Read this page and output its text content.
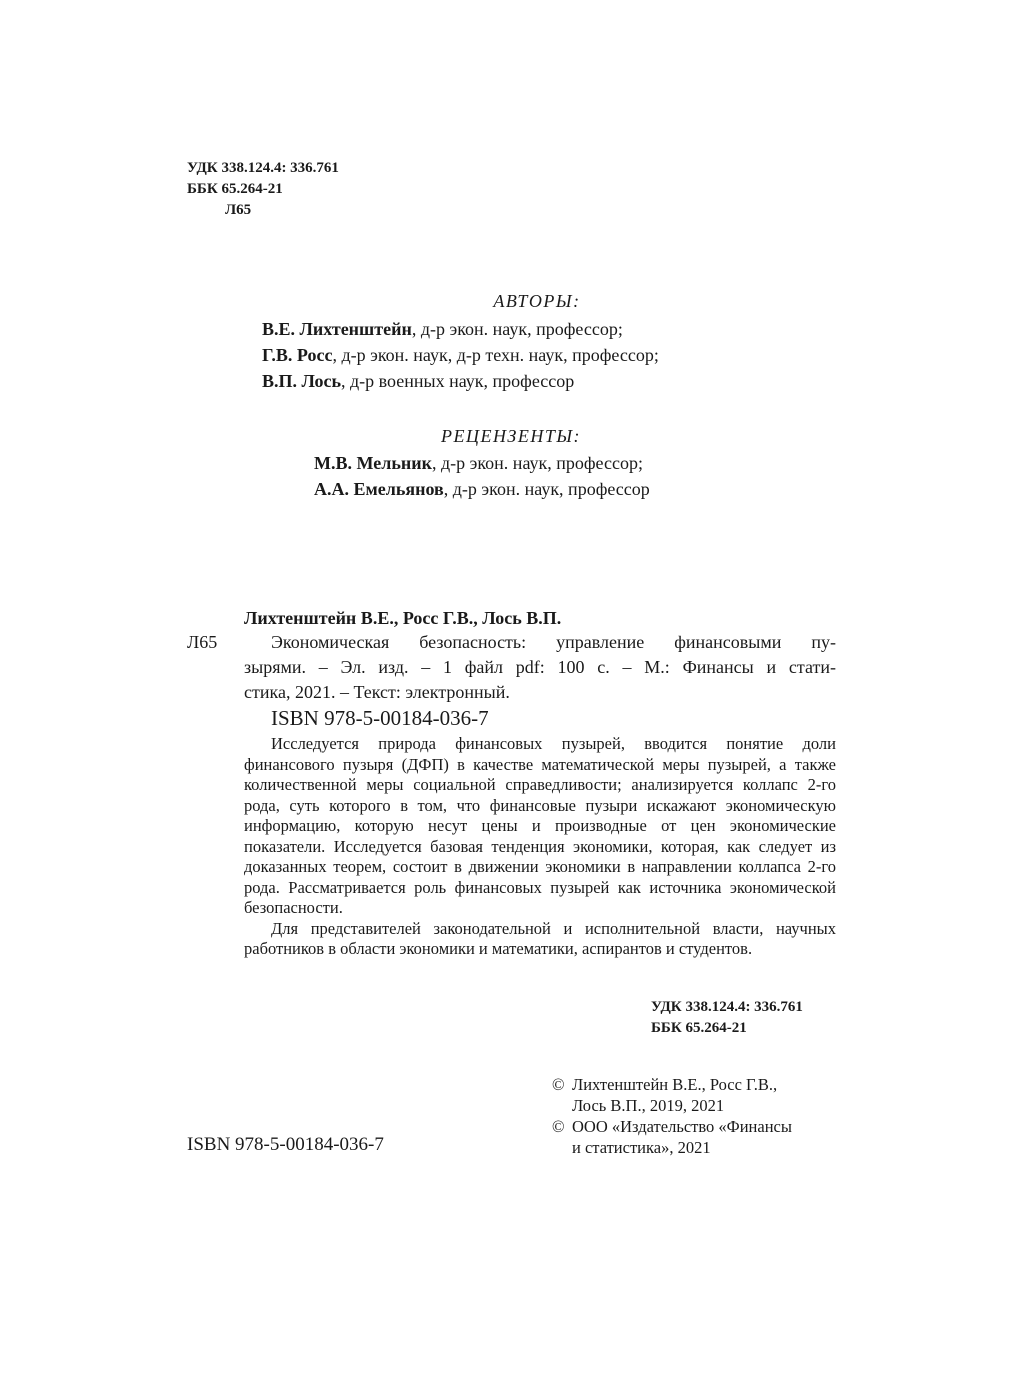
УДК 338.124.4: 336.761
ББК 65.264-21
Л65
АВТОРЫ:
В.Е. Лихтенштейн, д-р экон. наук, профессор;
Г.В. Росс, д-р экон. наук, д-р техн. наук, профессор;
В.П. Лось, д-р военных наук, профессор
РЕЦЕНЗЕНТЫ:
М.В. Мельник, д-р экон. наук, профессор;
А.А. Емельянов, д-р экон. наук, профессор
Лихтенштейн В.Е., Росс Г.В., Лось В.П.
Л65	Экономическая безопасность: управление финансовыми пу-
зырями. – Эл. изд. – 1 файл pdf: 100 с. – М.: Финансы и стати-
стика, 2021. – Текст: электронный.
ISBN 978-5-00184-036-7

Исследуется природа финансовых пузырей, вводится понятие доли финансового пузыря (ДФП) в качестве математической меры пузырей, а также количественной меры социальной справедливости; анализируется коллапс 2-го рода, суть которого в том, что финансовые пузыри искажают экономическую информацию, которую несут цены и производные от цен экономические показатели. Исследуется базовая тенденция экономики, которая, как следует из доказанных теорем, состоит в движении экономики в направлении коллапса 2-го рода. Рассматривается роль финансовых пузырей как источника экономической безопасности.

Для представителей законодательной и исполнительной власти, научных работников в области экономики и математики, аспирантов и студентов.

УДК 338.124.4: 336.761
ББК 65.264-21
ISBN 978-5-00184-036-7
© Лихтенштейн В.Е., Росс Г.В.,
Лось В.П., 2019, 2021
© ООО «Издательство «Финансы
и статистика», 2021
